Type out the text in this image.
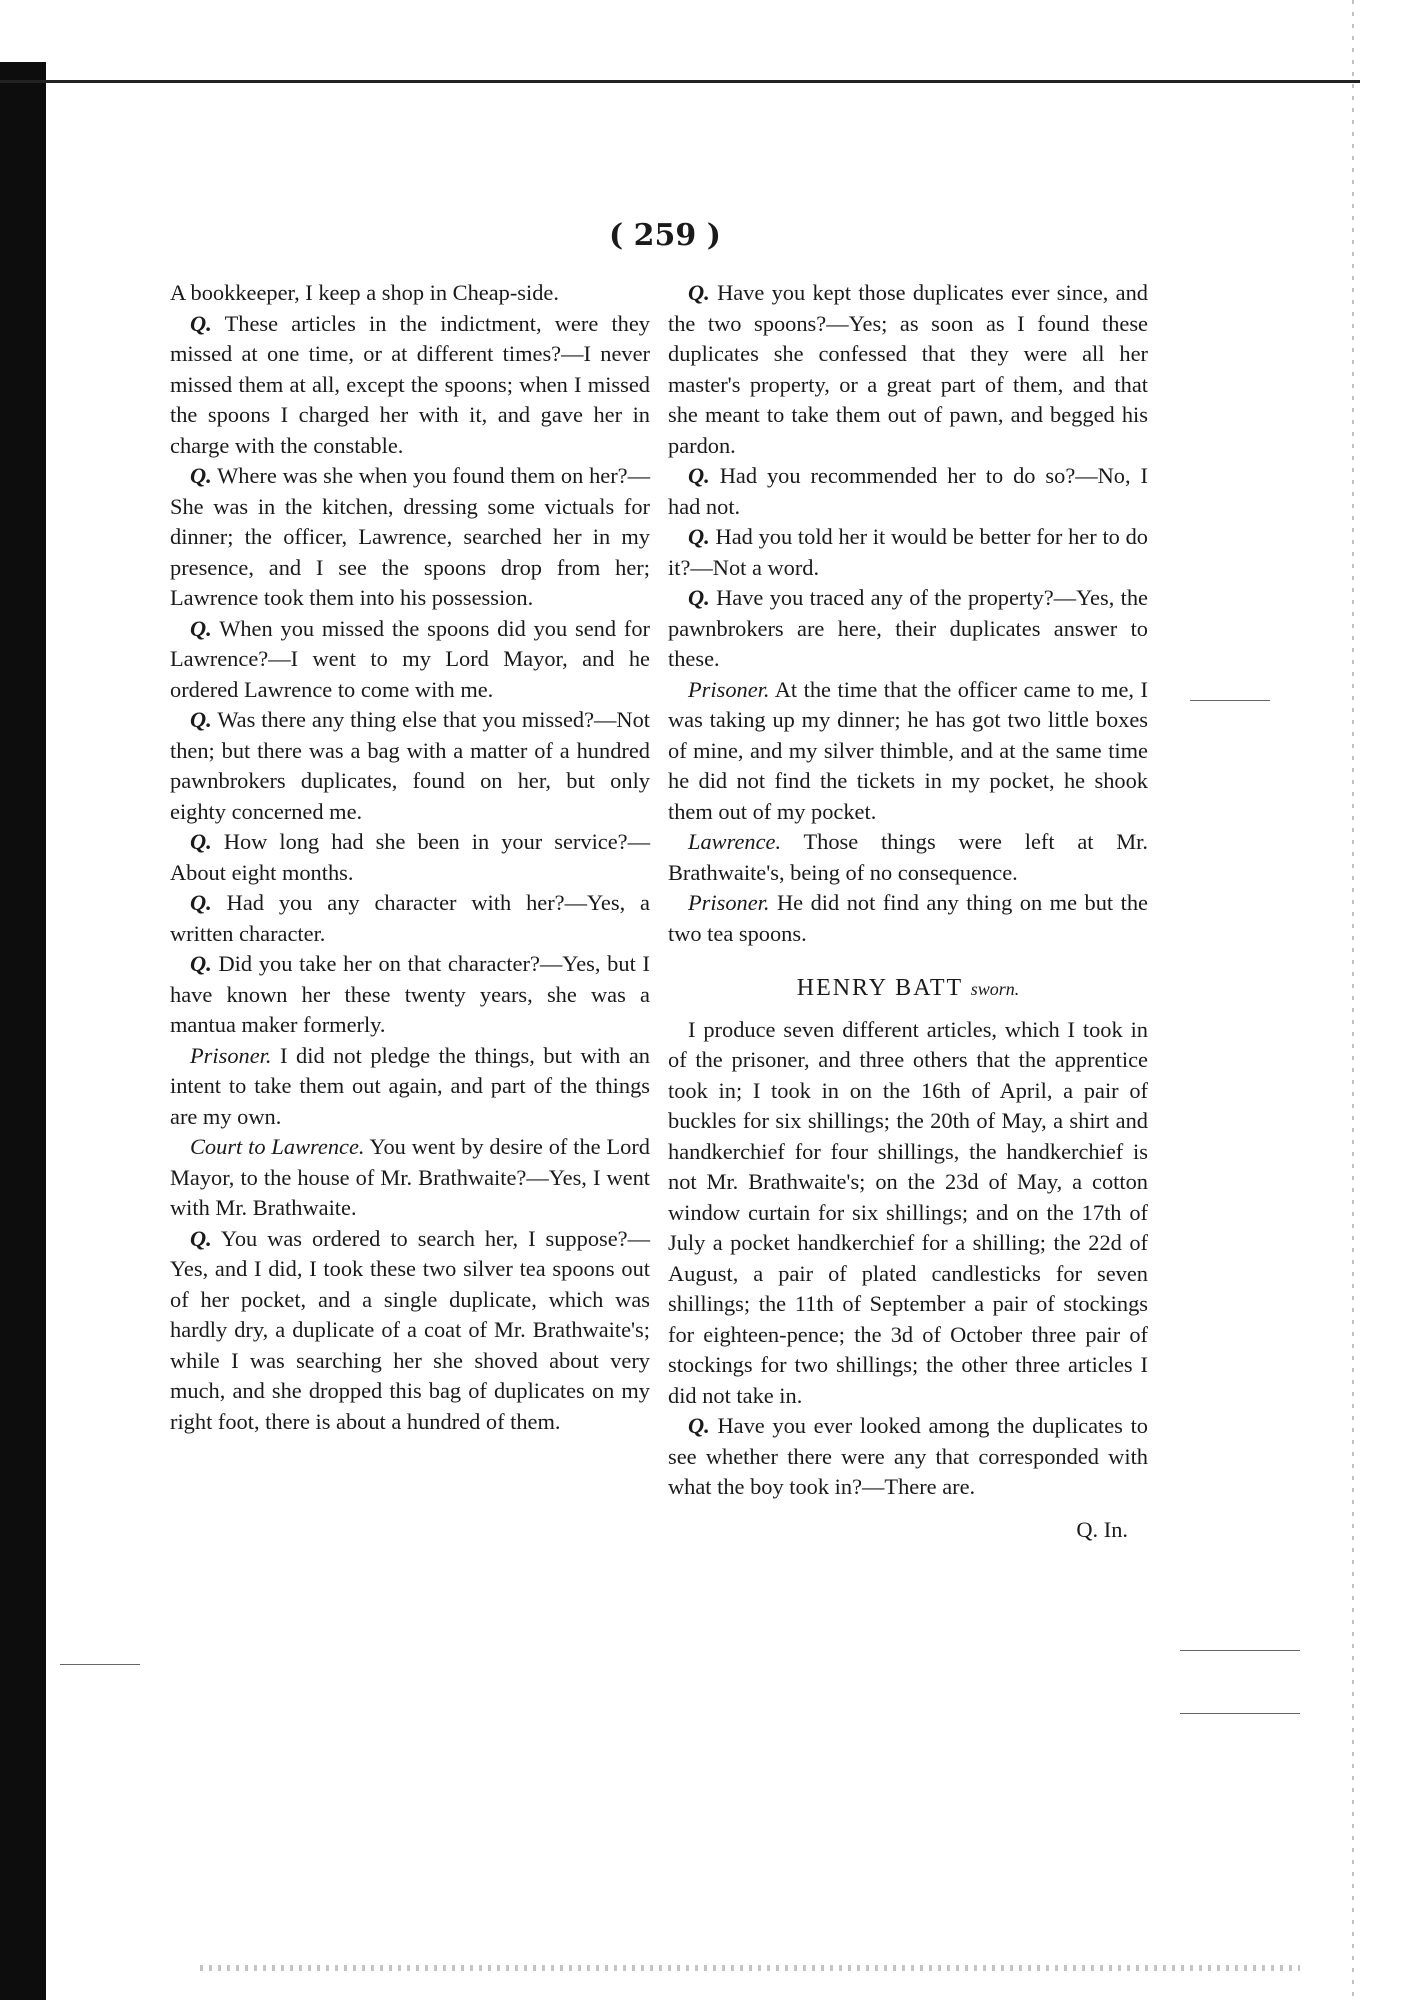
( 259 )

A bookkeeper, I keep a shop in Cheap-side.

Q. These articles in the indictment, were they missed at one time, or at different times?—I never missed them at all, except the spoons; when I missed the spoons I charged her with it, and gave her in charge with the constable.

Q. Where was she when you found them on her?—She was in the kitchen, dressing some victuals for dinner; the officer, Lawrence, searched her in my presence, and I see the spoons drop from her; Lawrence took them into his possession.

Q. When you missed the spoons did you send for Lawrence?—I went to my Lord Mayor, and he ordered Lawrence to come with me.

Q. Was there any thing else that you missed?—Not then; but there was a bag with a matter of a hundred pawnbrokers duplicates, found on her, but only eighty concerned me.

Q. How long had she been in your service?—About eight months.

Q. Had you any character with her?—Yes, a written character.

Q. Did you take her on that character?—Yes, but I have known her these twenty years, she was a mantua maker formerly.

Prisoner. I did not pledge the things, but with an intent to take them out again, and part of the things are my own.

Court to Lawrence. You went by desire of the Lord Mayor, to the house of Mr. Brathwaite?—Yes, I went with Mr. Brathwaite.

Q. You was ordered to search her, I suppose?—Yes, and I did, I took these two silver tea spoons out of her pocket, and a single duplicate, which was hardly dry, a duplicate of a coat of Mr. Brathwaite's; while I was searching her she shoved about very much, and she dropped this bag of duplicates on my right foot, there is about a hundred of them.

Q. Have you kept those duplicates ever since, and the two spoons?—Yes; as soon as I found these duplicates she confessed that they were all her master's property, or a great part of them, and that she meant to take them out of pawn, and begged his pardon.

Q. Had you recommended her to do so?—No, I had not.

Q. Had you told her it would be better for her to do it?—Not a word.

Q. Have you traced any of the property?—Yes, the pawnbrokers are here, their duplicates answer to these.

Prisoner. At the time that the officer came to me, I was taking up my dinner; he has got two little boxes of mine, and my silver thimble, and at the same time he did not find the tickets in my pocket, he shook them out of my pocket.

Lawrence. Those things were left at Mr. Brathwaite's, being of no consequence.

Prisoner. He did not find any thing on me but the two tea spoons.

HENRY BATT sworn.

I produce seven different articles, which I took in of the prisoner, and three others that the apprentice took in; I took in on the 16th of April, a pair of buckles for six shillings; the 20th of May, a shirt and handkerchief for four shillings, the handkerchief is not Mr. Brathwaite's; on the 23d of May, a cotton window curtain for six shillings; and on the 17th of July a pocket handkerchief for a shilling; the 22d of August, a pair of plated candlesticks for seven shillings; the 11th of September a pair of stockings for eighteen-pence; the 3d of October three pair of stockings for two shillings; the other three articles I did not take in.

Q. Have you ever looked among the duplicates to see whether there were any that corresponded with what the boy took in?—There are.

Q. In.
